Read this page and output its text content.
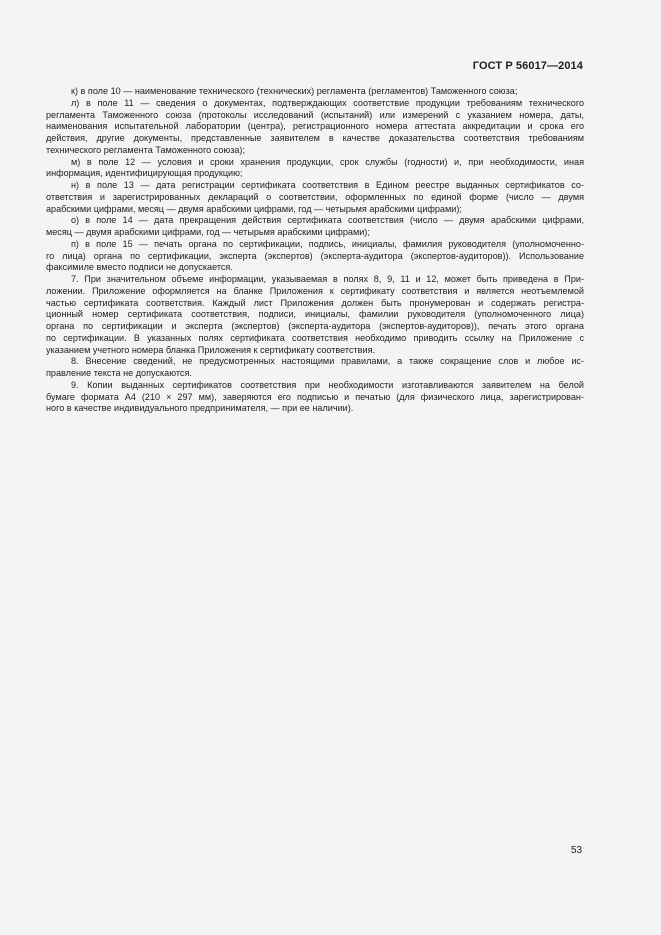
ГОСТ Р 56017—2014
к) в поле 10 — наименование технического (технических) регламента (регламентов) Таможенного союза;
л) в поле 11 — сведения о документах, подтверждающих соответствие продукции требованиям технического
регламента Таможенного союза (протоколы исследований (испытаний) или измерений с указанием номера, даты,
наименования испытательной лаборатории (центра), регистрационного номера аттестата аккредитации и срока его
действия, другие документы, представленные заявителем в качестве доказательства соответствия требованиям
технического регламента Таможенного союза);
м) в поле 12 — условия и сроки хранения продукции, срок службы (годности) и, при необходимости, иная
информация, идентифицирующая продукцию;
н) в поле 13 — дата регистрации сертификата соответствия в Едином реестре выданных сертификатов со-
ответствия и зарегистрированных деклараций о соответствии, оформленных по единой форме (число — двумя
арабскими цифрами, месяц — двумя арабскими цифрами, год — четырьмя арабскими цифрами);
о) в поле 14 — дата прекращения действия сертификата соответствия (число — двумя арабскими цифрами,
месяц — двумя арабскими цифрами, год — четырьмя арабскими цифрами);
п) в поле 15 — печать органа по сертификации, подпись, инициалы, фамилия руководителя (уполномоченно-
го лица) органа по сертификации, эксперта (экспертов) (эксперта-аудитора (экспертов-аудиторов)). Использование
факсимиле вместо подписи не допускается.
7. При значительном объеме информации, указываемая в полях 8, 9, 11 и 12, может быть приведена в При-
ложении. Приложение оформляется на бланке Приложения к сертификату соответствия и является неотъемлемой
частью сертификата соответствия. Каждый лист Приложения должен быть пронумерован и содержать регистра-
ционный номер сертификата соответствия, подписи, инициалы, фамилии руководителя (уполномоченного лица)
органа по сертификации и эксперта (экспертов) (эксперта-аудитора (экспертов-аудиторов)), печать этого органа
по сертификации. В указанных полях сертификата соответствия необходимо приводить ссылку на Приложение с
указанием учетного номера бланка Приложения к сертификату соответствия.
8. Внесение сведений, не предусмотренных настоящими правилами, а также сокращение слов и любое ис-
правление текста не допускаются.
9. Копии выданных сертификатов соответствия при необходимости изготавливаются заявителем на белой
бумаге формата А4 (210 × 297 мм), заверяются его подписью и печатью (для физического лица, зарегистрирован-
ного в качестве индивидуального предпринимателя, — при ее наличии).
53
